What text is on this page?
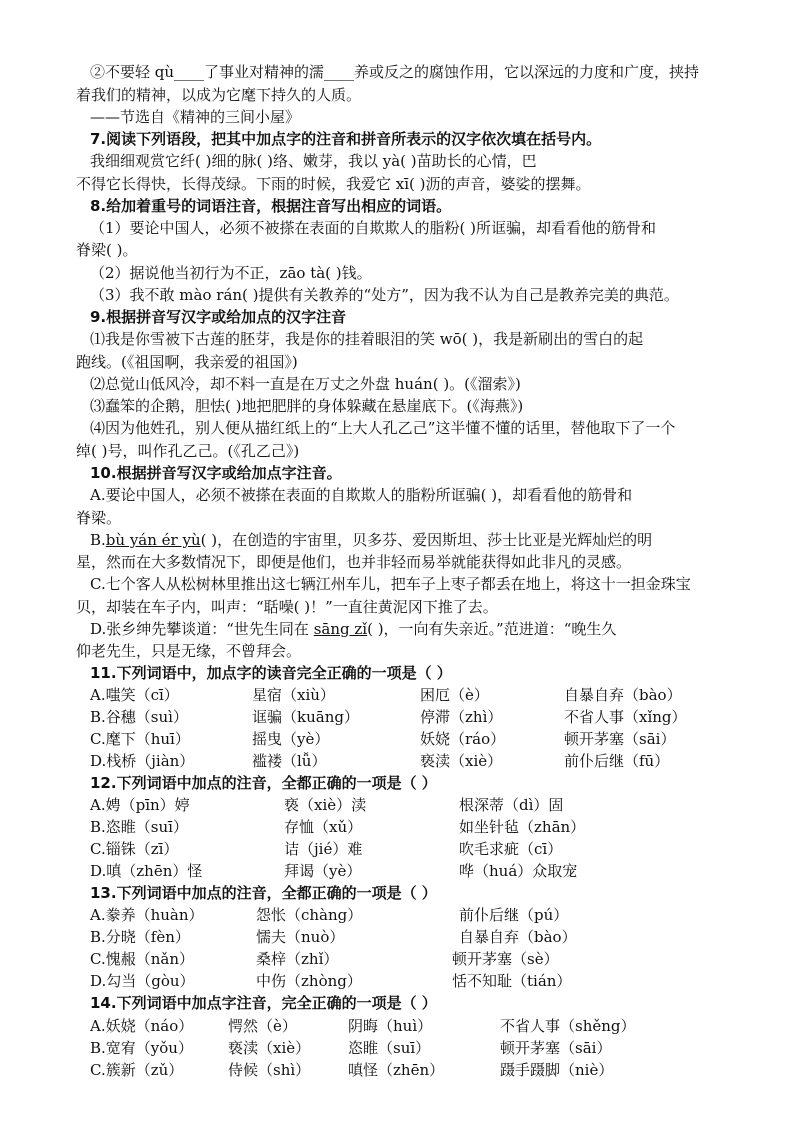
②不要轻 qù____了事业对精神的濡____养或反之的腐蚀作用，它以深远的力度和广度，挟持
着我们的精神，以成为它麾下持久的人质。
——节选自《精神的三间小屋》
7.阅读下列语段，把其中加点字的注音和拼音所表示的汉字依次填在括号内。
我细细观赏它纤( )细的脉( )络、嫩芽，我以 yà( )苗助长的心情，巴
不得它长得快，长得茂绿。下雨的时候，我爱它 xī( )沥的声音，婆娑的摆舞。
8.给加着重号的词语注音，根据注音写出相应的词语。
（1）要论中国人，必须不被搽在表面的自欺欺人的脂粉( )所诓骗，却看看他的筋骨和
脊梁( )。
（2）据说他当初行为不正，zāo tà( )钱。
（3）我不敢 mào rán( )提供有关教养的“处方”，因为我不认为自己是教养完美的典范。
9.根据拼音写汉字或给加点的汉字注音
⑴我是你雪被下古莲的胚芽，我是你的挂着眼泪的笑 wō( )，我是新刷出的雪白的起
跑线。(《祖国啊，我亲爱的祖国》)
⑵总觉山低风冷，却不料一直是在万丈之外盘 huán( )。(《溜索》)
⑶蠢笨的企鹅，胆怯( )地把肥胖的身体躲藏在悬崖底下。(《海燕》)
⑷因为他姓孔，别人便从描红纸上的“上大人孔乙己”这半懂不懂的话里，替他取下了一个
绰( )号，叫作孔乙己。(《孔乙己》)
10.根据拼音写汉字或给加点字注音。
A.要论中国人，必须不被搽在表面的自欺欺人的脂粉所诓骗( )，却看看他的筋骨和
脊梁。
B.bù yán ér yù( )，在创造的宇宙里，贝多芬、爱因斯坦、莎士比亚是光辉灿烂的明
星，然而在大多数情况下，即便是他们，也并非轻而易举就能获得如此非凡的灵感。
C.七个客人从松树林里推出这七辆江州车儿，把车子上枣子都丢在地上，将这十一担金珠宝
贝，却装在车子内，叫声：“聒噪( )！”一直往黄泥冈下推了去。
D.张乡绅先攀谈道：“世先生同在 sāng zǐ( )，一向有失亲近。”范进道：“晚生久
仰老先生，只是无缘，不曾拜会。
11.下列词语中，加点字的读音完全正确的一项是（ ）
A.嗤笑（cī）	星宿（xiù）	困厄（è）	自暴自弃（bào）
B.谷穗（suì）	诓骗（kuāng）	停滞（zhì）	不省人事（xǐng）
C.麾下（huī）	摇曳（yè）	妖娆（ráo）	顿开茅塞（sāi）
D.栈桥（jiàn）	褴褛（lǚ）	亵渎（xiè）	前仆后继（fū）
12.下列词语中加点的注音，全都正确的一项是（ ）
A.娉（pīn）婷	亵（xiè）渎	根深蒂（dì）固
B.恣睢（suī）	存恤（xǔ）	如坐针毡（zhān）
C.锱铢（zī）	诘（jié）难	吹毛求疵（cī）
D.嗔（zhēn）怪	拜谒（yè）	哗（huá）众取宠
13.下列词语中加点的注音，全都正确的一项是（ ）
A.豢养（huàn）	怨怅（chàng）	前仆后继（pú）
B.分晓（fèn）	懦夫（nuò）	自暴自弃（bào）
C.愧赧（nǎn）	桑梓（zhǐ）	顿开茅塞（sè）
D.勾当（gòu）	中伤（zhòng）	恬不知耻（tián）
14.下列词语中加点字注音，完全正确的一项是（ ）
A.妖娆（náo） 愕然（è）	阴晦（huì）	不省人事（shěng）
B.宽宥（yǒu） 亵渎（xiè）	恣睢（suī）	顿开茅塞（sāi）
C.簇新（zǔ）	侍候（shì）	嗔怪（zhēn）	蹑手蹑脚（niè）
